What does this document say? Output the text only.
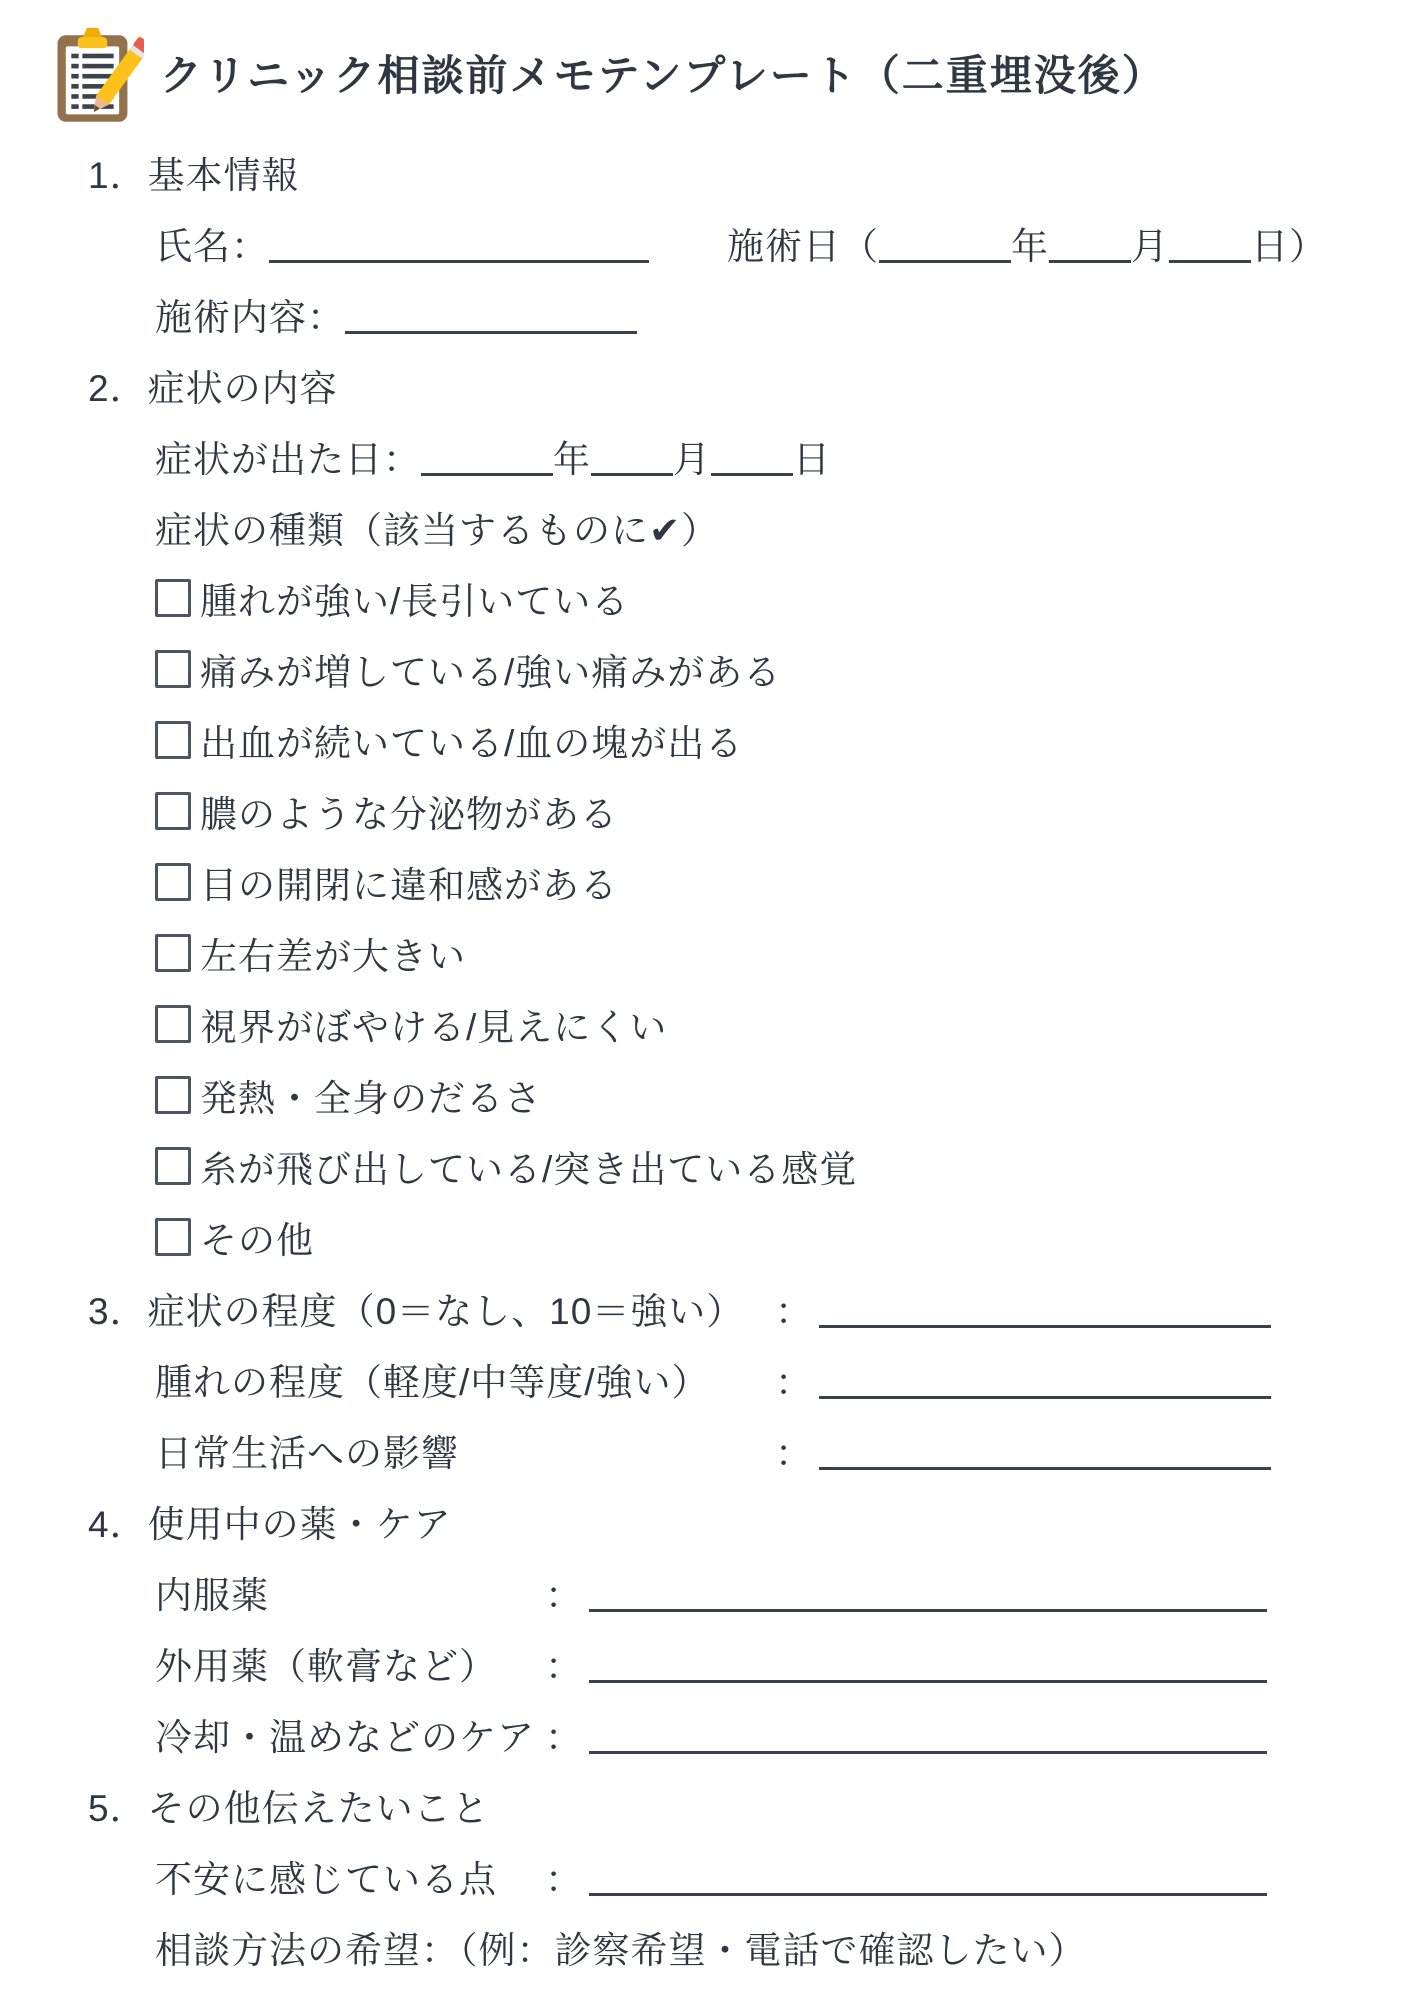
クリニック相談前メモテンプレート（二重埋没後）
1．基本情報
氏名：	施術日（	年 月 日）
施術内容：
2．症状の内容
症状が出た日：	年 月 日
症状の種類（該当するものに✔）
腫れが強い/長引いている
痛みが増している/強い痛みがある
出血が続いている/血の塊が出る
膿のような分泌物がある
目の開閉に違和感がある
左右差が大きい
視界がぼやける/見えにくい
発熱・全身のだるさ
糸が飛び出している/突き出ている感覚
その他
3．症状の程度（0＝なし、10＝強い） ：
腫れの程度（軽度/中等度/強い）	：
日常生活への影響	：
4．使用中の薬・ケア
内服薬	：
外用薬（軟膏など）	：
冷却・温めなどのケア ：
5．その他伝えたいこと
不安に感じている点	：
相談方法の希望：（例：診察希望・電話で確認したい）
